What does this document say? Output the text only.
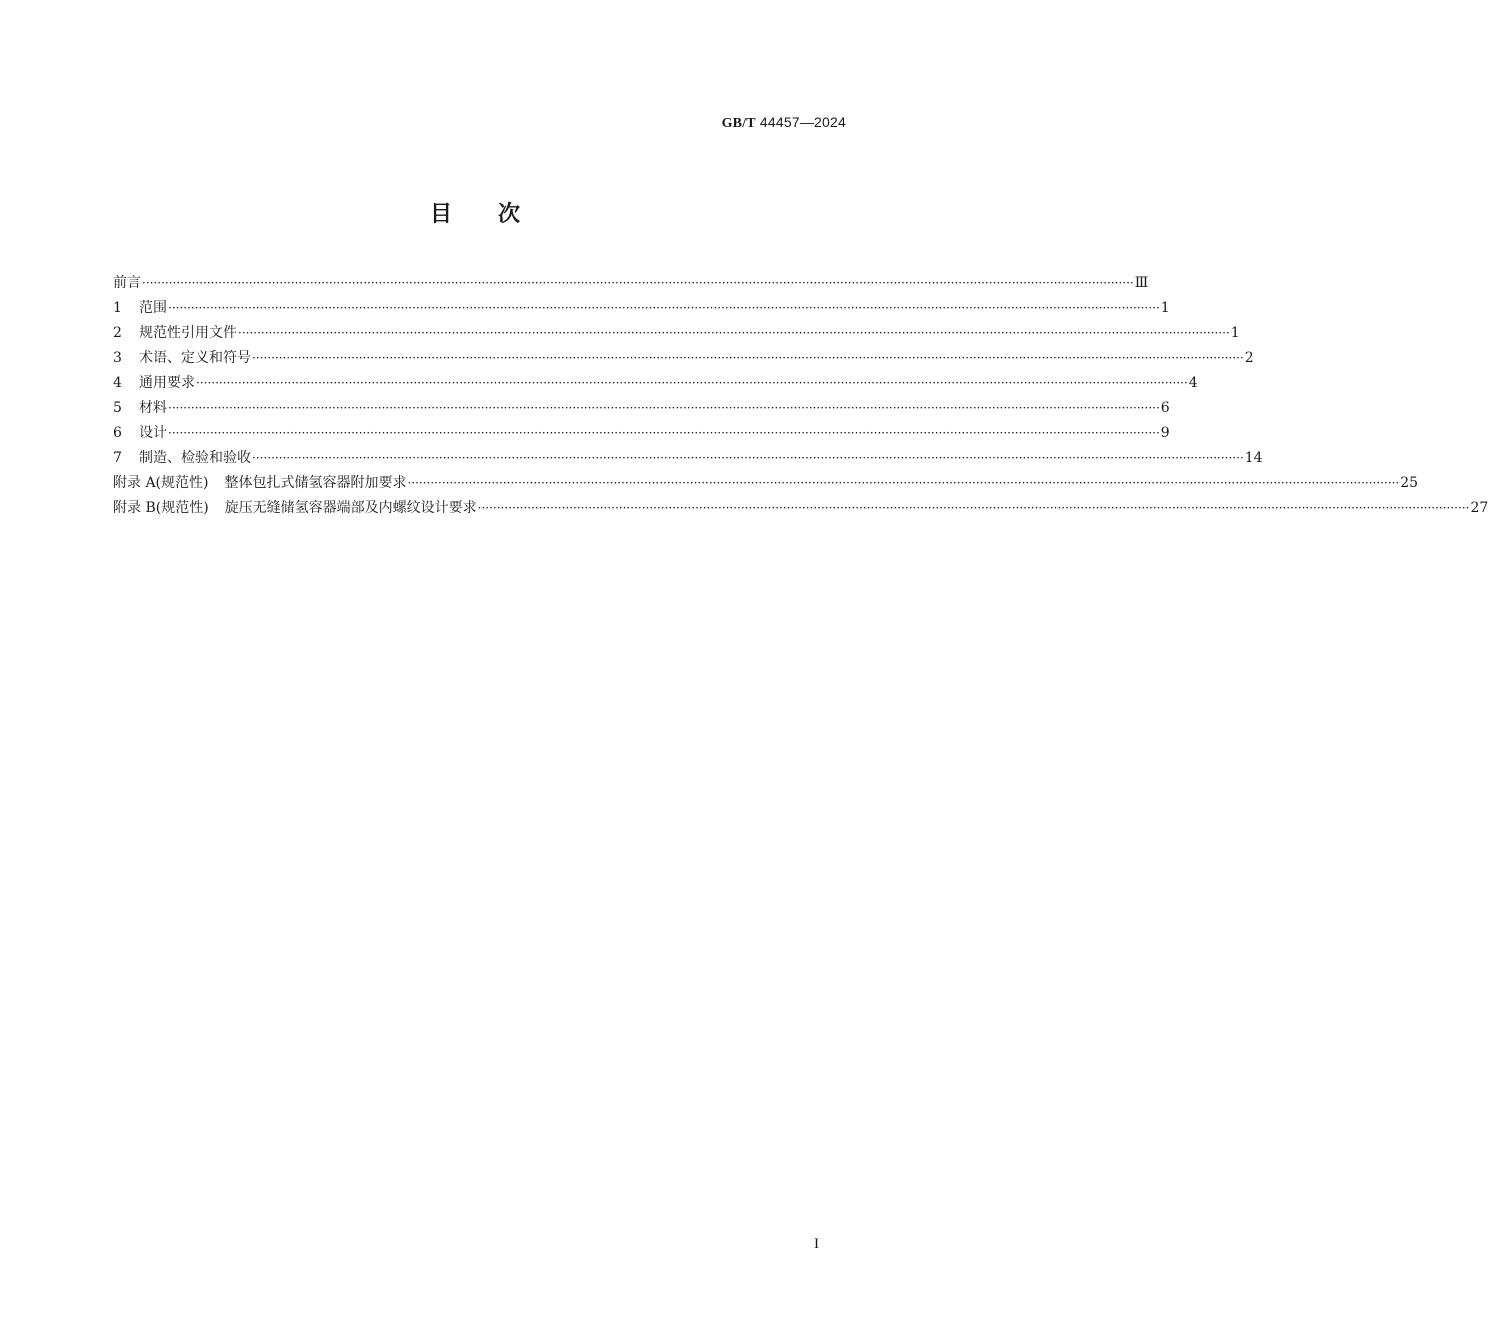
GB/T 44457—2024
目次
前言 ···································································································································································································································································· Ⅲ
1	范围 ···································································································································································································································································· 1
2	规范性引用文件 ···································································································································································································································································· 1
3	术语、定义和符号 ···································································································································································································································································· 2
4	通用要求 ···································································································································································································································································· 4
5	材料 ···································································································································································································································································· 6
6	设计 ···································································································································································································································································· 9
7	制造、检验和验收 ···································································································································································································································································· 14
附录 A(规范性) 整体包扎式储氢容器附加要求 ···································································································································································································································································· 25
附录 B(规范性) 旋压无缝储氢容器端部及内螺纹设计要求 ···································································································································································································································································· 27
I
